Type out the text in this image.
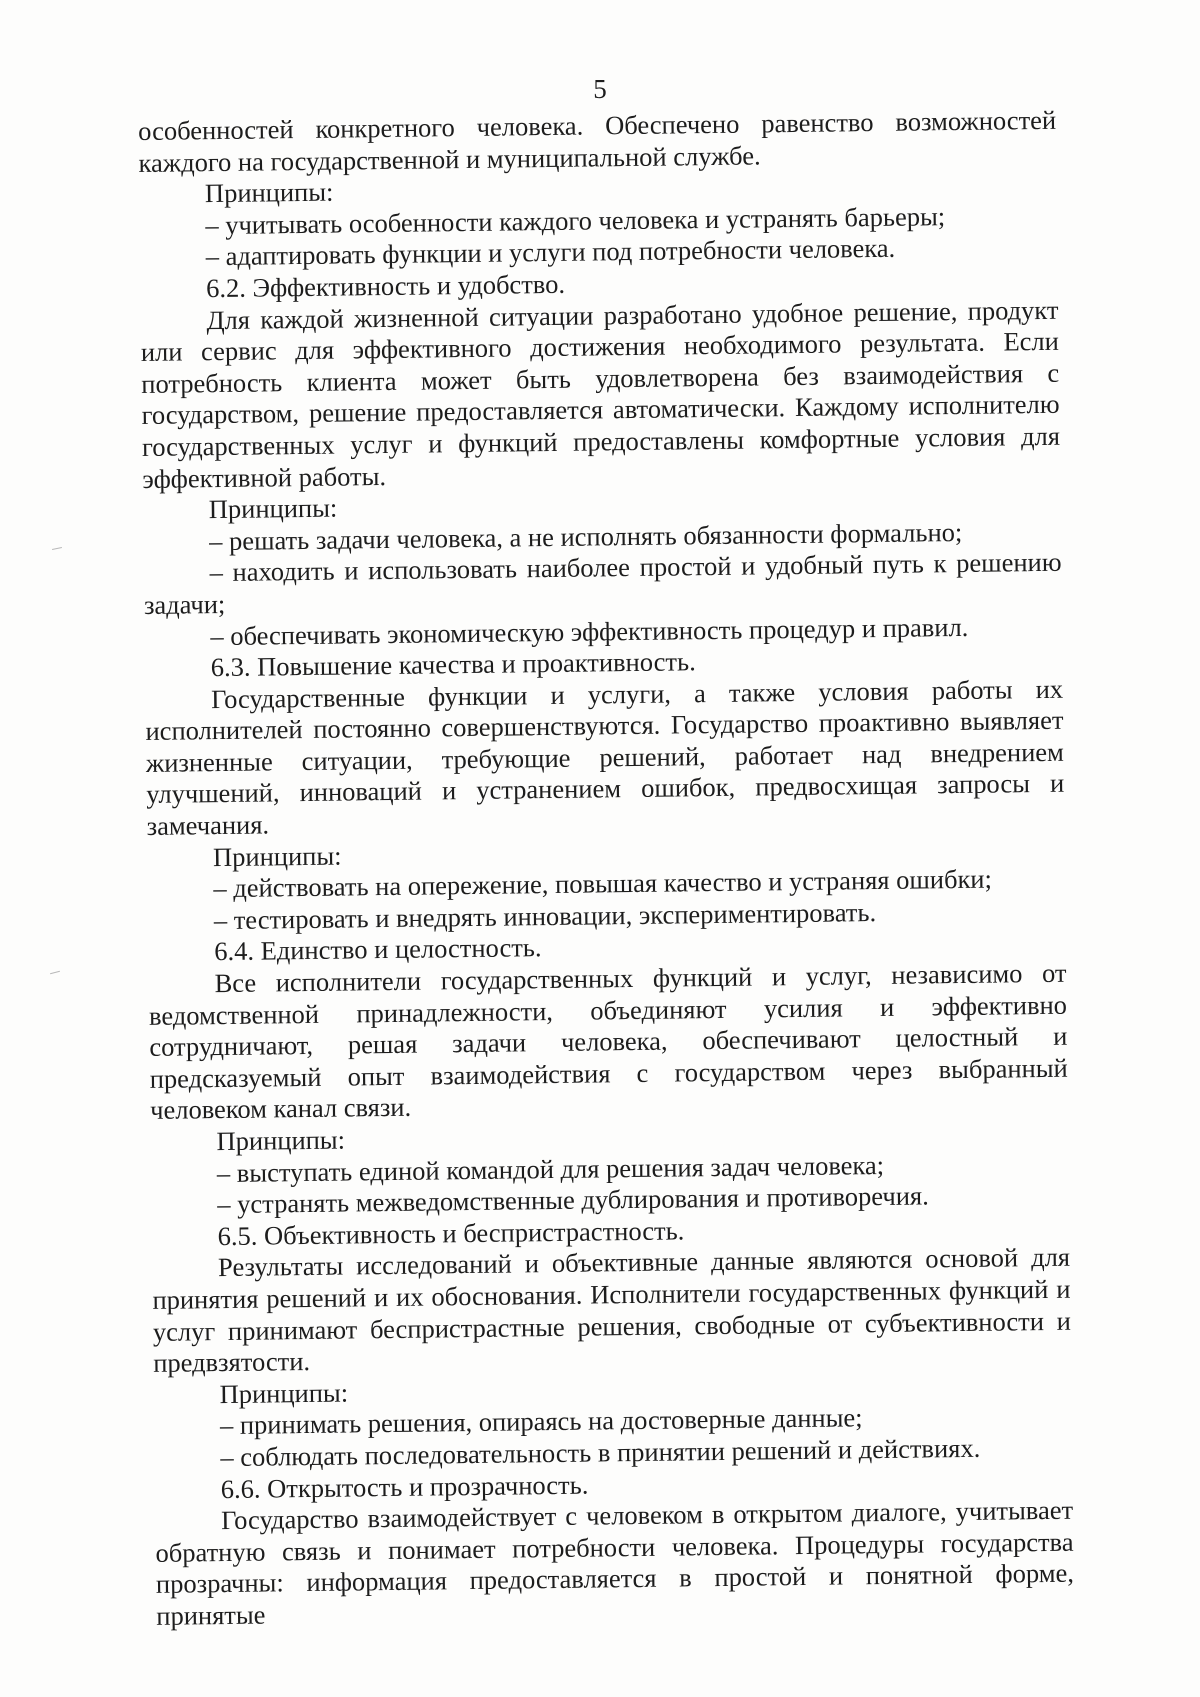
5

особенностей конкретного человека. Обеспечено равенство возможностей каждого на государственной и муниципальной службе.

Принципы:

– учитывать особенности каждого человека и устранять барьеры;

– адаптировать функции и услуги под потребности человека.

6.2. Эффективность и удобство.

Для каждой жизненной ситуации разработано удобное решение, продукт или сервис для эффективного достижения необходимого результата. Если потребность клиента может быть удовлетворена без взаимодействия с государством, решение предоставляется автоматически. Каждому исполнителю государственных услуг и функций предоставлены комфортные условия для эффективной работы.

Принципы:

– решать задачи человека, а не исполнять обязанности формально;

– находить и использовать наиболее простой и удобный путь к решению задачи;

– обеспечивать экономическую эффективность процедур и правил.

6.3. Повышение качества и проактивность.

Государственные функции и услуги, а также условия работы их исполнителей постоянно совершенствуются. Государство проактивно выявляет жизненные ситуации, требующие решений, работает над внедрением улучшений, инноваций и устранением ошибок, предвосхищая запросы и замечания.

Принципы:

– действовать на опережение, повышая качество и устраняя ошибки;

– тестировать и внедрять инновации, экспериментировать.

6.4. Единство и целостность.

Все исполнители государственных функций и услуг, независимо от ведомственной принадлежности, объединяют усилия и эффективно сотрудничают, решая задачи человека, обеспечивают целостный и предсказуемый опыт взаимодействия с государством через выбранный человеком канал связи.

Принципы:

– выступать единой командой для решения задач человека;

– устранять межведомственные дублирования и противоречия.

6.5. Объективность и беспристрастность.

Результаты исследований и объективные данные являются основой для принятия решений и их обоснования. Исполнители государственных функций и услуг принимают беспристрастные решения, свободные от субъективности и предвзятости.

Принципы:

– принимать решения, опираясь на достоверные данные;

– соблюдать последовательность в принятии решений и действиях.

6.6. Открытость и прозрачность.

Государство взаимодействует с человеком в открытом диалоге, учитывает обратную связь и понимает потребности человека. Процедуры государства прозрачны: информация предоставляется в простой и понятной форме, принятые
